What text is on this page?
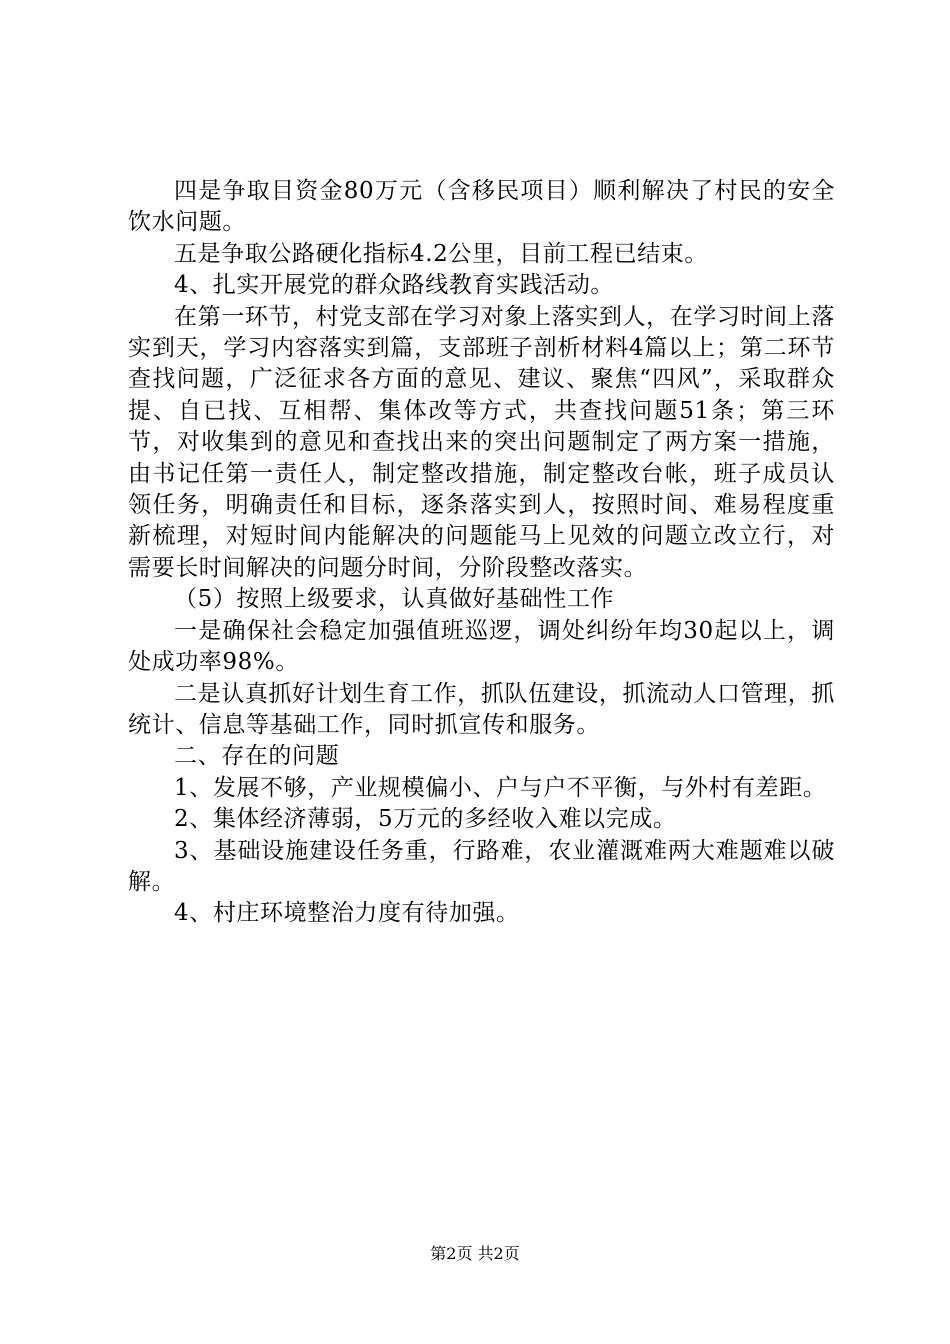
四是争取目资金80万元（含移民项目）顺利解决了村民的安全饮水问题。

五是争取公路硬化指标4.2公里，目前工程已结束。

4、扎实开展党的群众路线教育实践活动。

在第一环节，村党支部在学习对象上落实到人，在学习时间上落实到天，学习内容落实到篇，支部班子剖析材料4篇以上；第二环节查找问题，广泛征求各方面的意见、建议、聚焦“四风”，采取群众提、自已找、互相帮、集体改等方式，共查找问题51条；第三环节，对收集到的意见和查找出来的突出问题制定了两方案一措施，由书记任第一责任人，制定整改措施，制定整改台帐，班子成员认领任务，明确责任和目标，逐条落实到人，按照时间、难易程度重新梳理，对短时间内能解决的问题能马上见效的问题立改立行，对需要长时间解决的问题分时间，分阶段整改落实。

（5）按照上级要求，认真做好基础性工作

一是确保社会稳定加强值班巡逻，调处纠纷年均30起以上，调处成功率98%。

二是认真抓好计划生育工作，抓队伍建设，抓流动人口管理，抓统计、信息等基础工作，同时抓宣传和服务。

二、存在的问题

1、发展不够，产业规模偏小、户与户不平衡，与外村有差距。

2、集体经济薄弱，5万元的多经收入难以完成。

3、基础设施建设任务重，行路难，农业灌溉难两大难题难以破解。

4、村庄环境整治力度有待加强。

第2页 共2页
